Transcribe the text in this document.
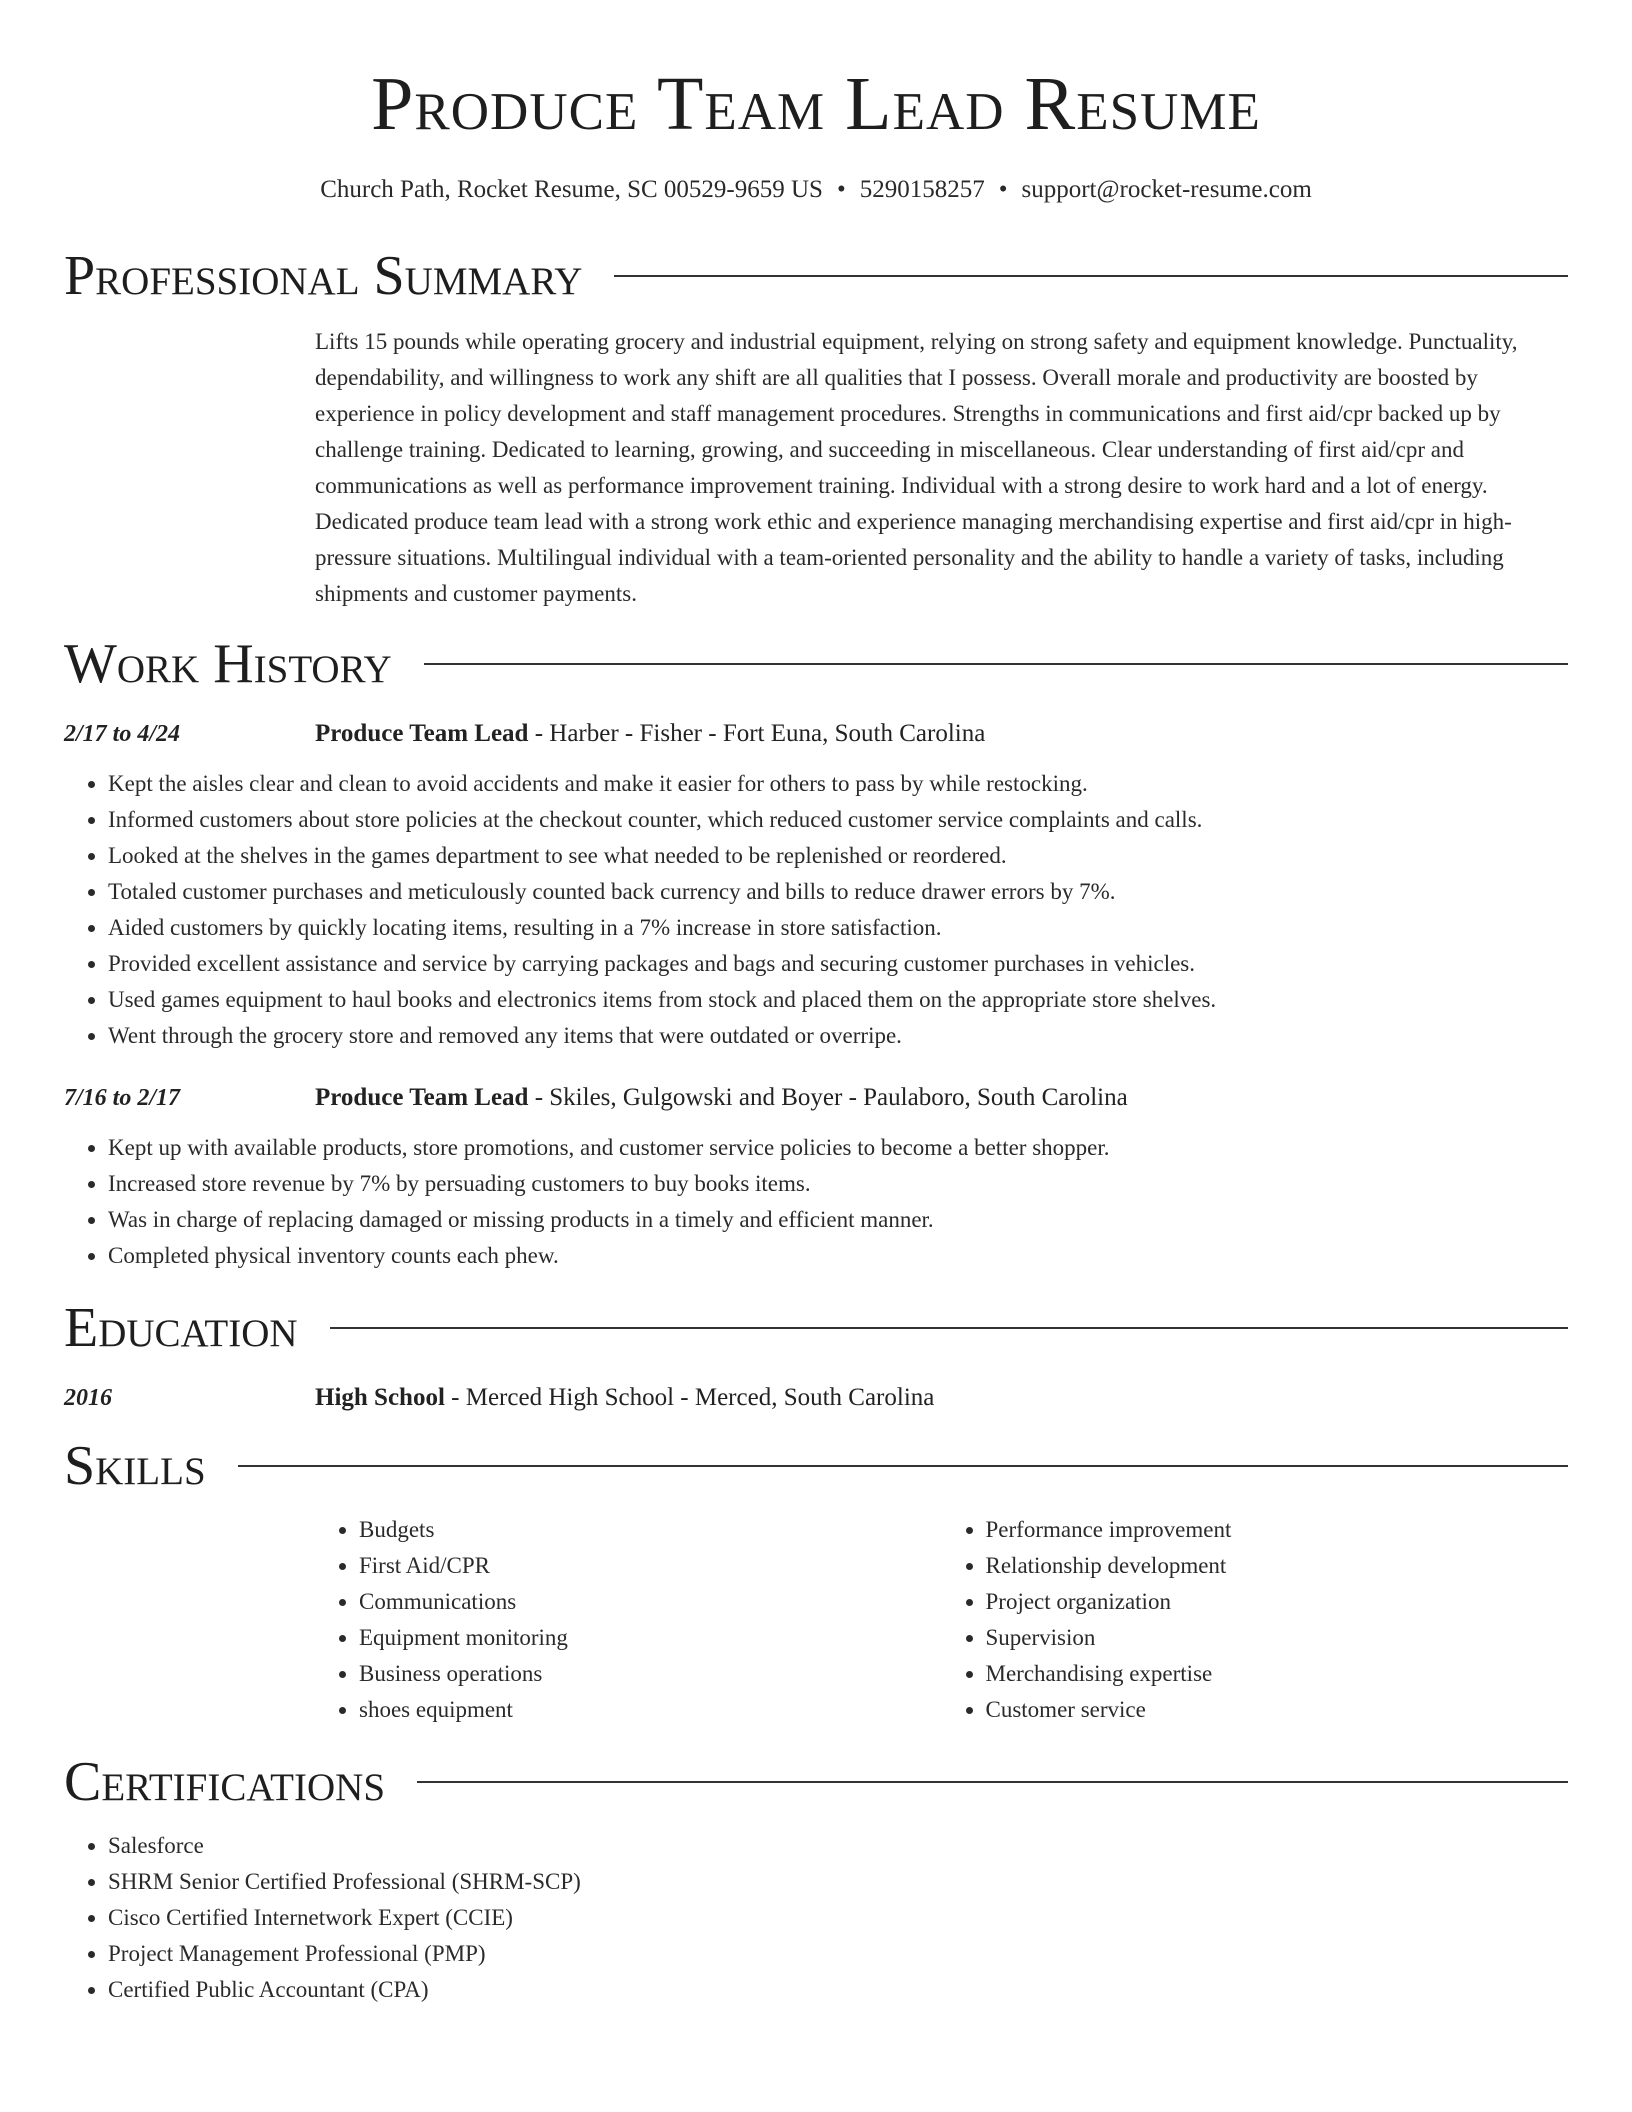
Produce Team Lead Resume
Church Path, Rocket Resume, SC 00529-9659 US • 5290158257 • support@rocket-resume.com
Professional Summary
Lifts 15 pounds while operating grocery and industrial equipment, relying on strong safety and equipment knowledge. Punctuality, dependability, and willingness to work any shift are all qualities that I possess. Overall morale and productivity are boosted by experience in policy development and staff management procedures. Strengths in communications and first aid/cpr backed up by challenge training. Dedicated to learning, growing, and succeeding in miscellaneous. Clear understanding of first aid/cpr and communications as well as performance improvement training. Individual with a strong desire to work hard and a lot of energy. Dedicated produce team lead with a strong work ethic and experience managing merchandising expertise and first aid/cpr in high-pressure situations. Multilingual individual with a team-oriented personality and the ability to handle a variety of tasks, including shipments and customer payments.
Work History
2/17 to 4/24	Produce Team Lead - Harber - Fisher - Fort Euna, South Carolina
• Kept the aisles clear and clean to avoid accidents and make it easier for others to pass by while restocking.
• Informed customers about store policies at the checkout counter, which reduced customer service complaints and calls.
• Looked at the shelves in the games department to see what needed to be replenished or reordered.
• Totaled customer purchases and meticulously counted back currency and bills to reduce drawer errors by 7%.
• Aided customers by quickly locating items, resulting in a 7% increase in store satisfaction.
• Provided excellent assistance and service by carrying packages and bags and securing customer purchases in vehicles.
• Used games equipment to haul books and electronics items from stock and placed them on the appropriate store shelves.
• Went through the grocery store and removed any items that were outdated or overripe.
7/16 to 2/17	Produce Team Lead - Skiles, Gulgowski and Boyer - Paulaboro, South Carolina
• Kept up with available products, store promotions, and customer service policies to become a better shopper.
• Increased store revenue by 7% by persuading customers to buy books items.
• Was in charge of replacing damaged or missing products in a timely and efficient manner.
• Completed physical inventory counts each phew.
Education
2016	High School - Merced High School - Merced, South Carolina
Skills
• Budgets
• First Aid/CPR
• Communications
• Equipment monitoring
• Business operations
• shoes equipment
• Performance improvement
• Relationship development
• Project organization
• Supervision
• Merchandising expertise
• Customer service
Certifications
• Salesforce
• SHRM Senior Certified Professional (SHRM-SCP)
• Cisco Certified Internetwork Expert (CCIE)
• Project Management Professional (PMP)
• Certified Public Accountant (CPA)
